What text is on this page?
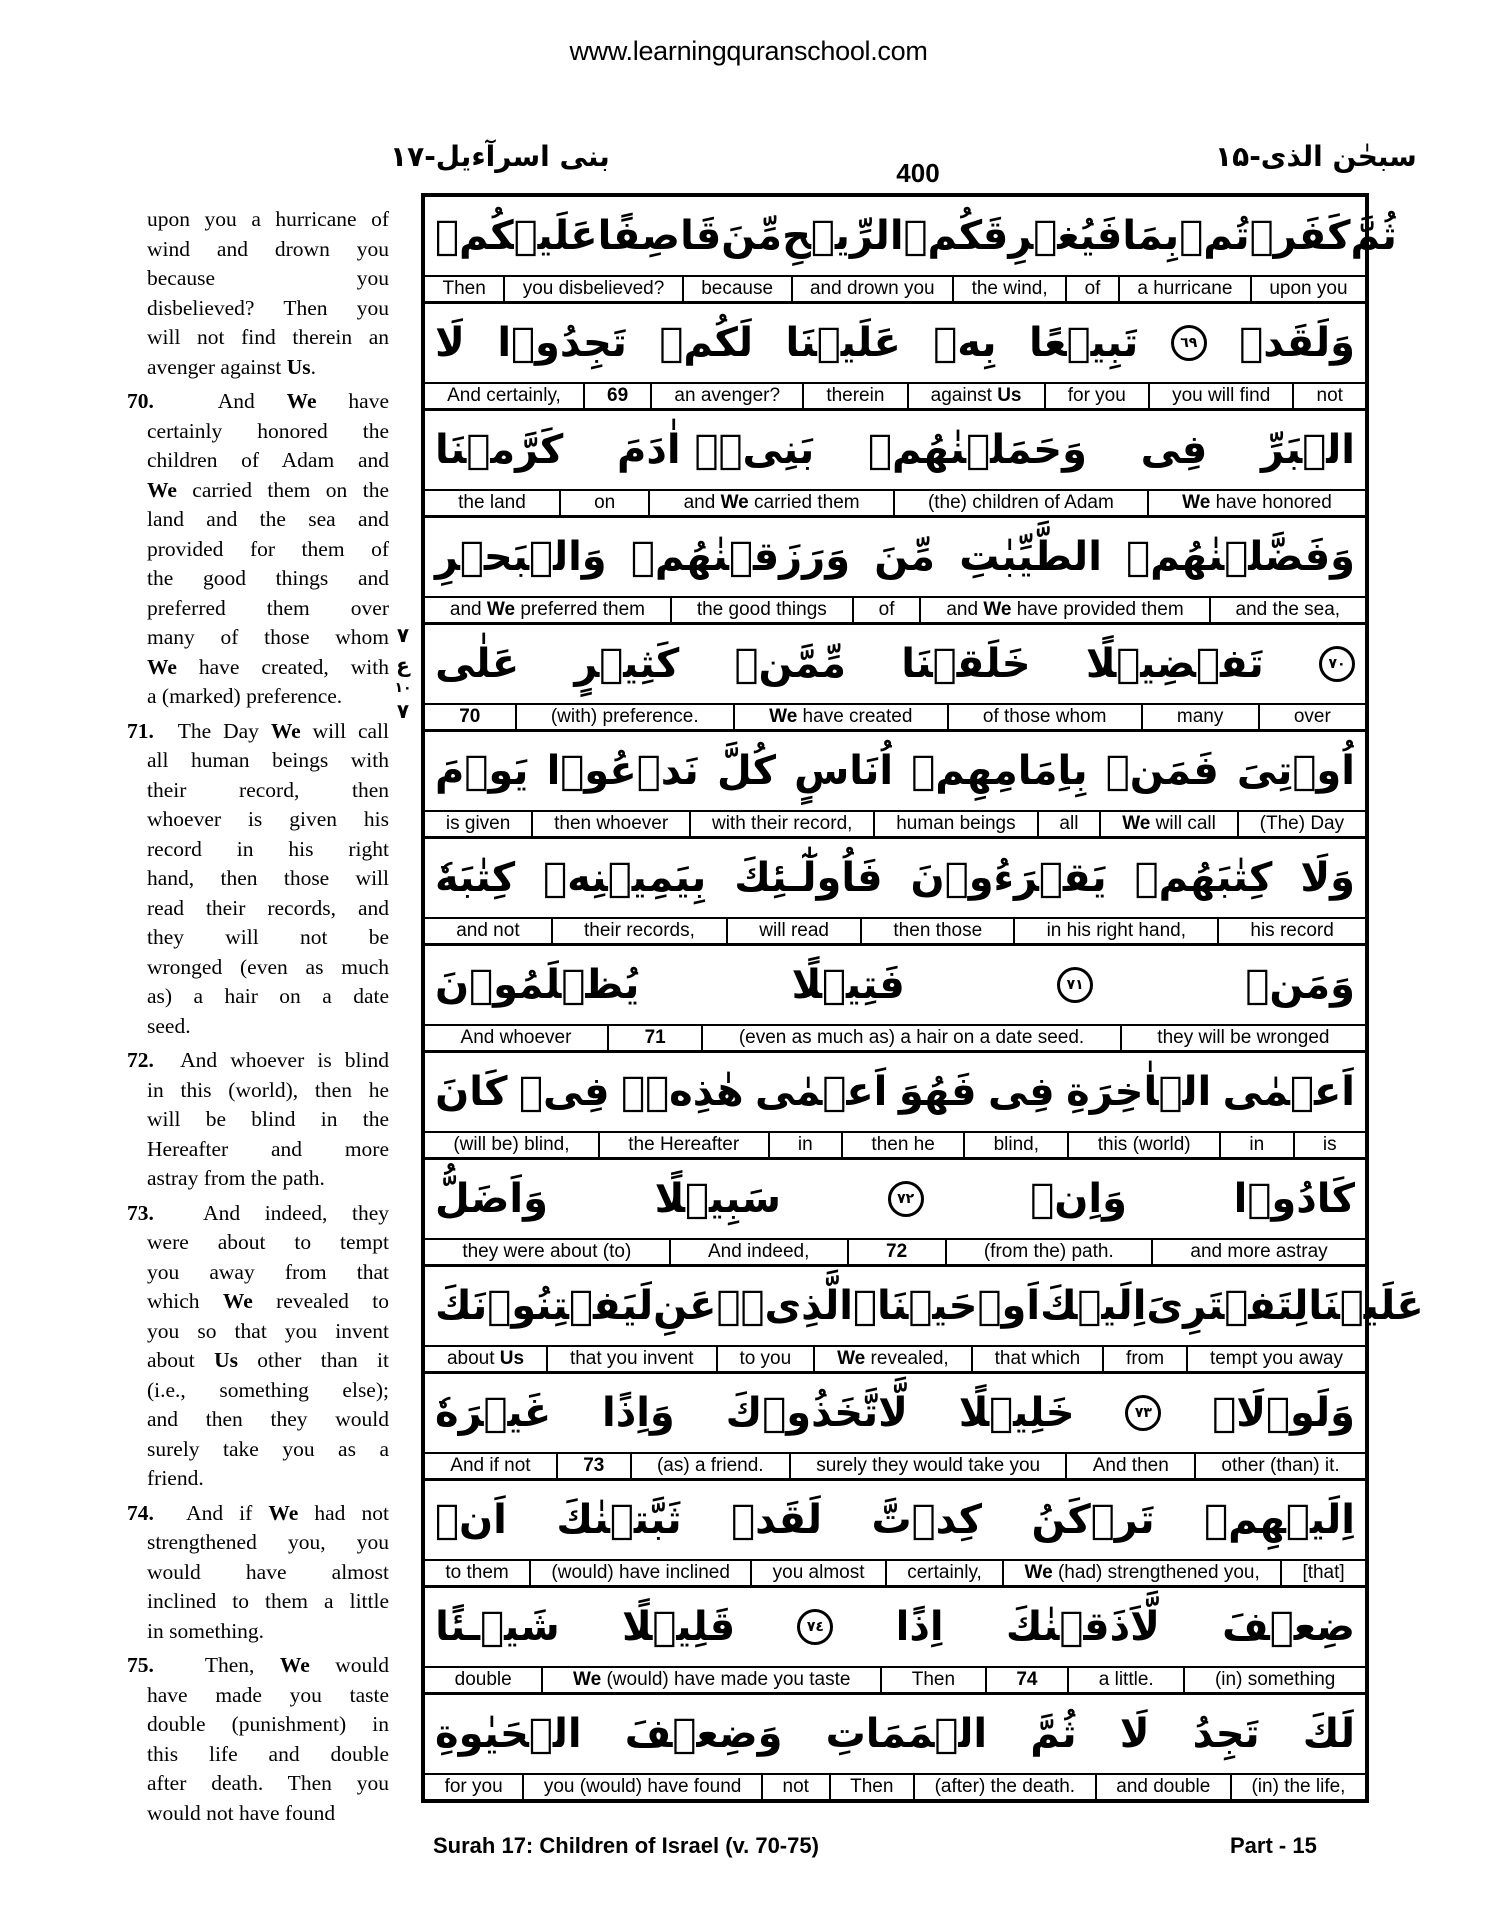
www.learningquranschool.com
بنی اسرآءیل-۱۷	400	سبحٰن الذی-۱۵
upon you a hurricane of
wind and drown you
because you
disbelieved? Then you
will not find therein an
avenger against Us.
70.  And We have
certainly honored the
children of Adam and
We carried them on the
land and the sea and
provided for them of
the good things and
preferred them over
many of those whom
We have created, with
a (marked) preference.
71.  The Day We will call
all human beings with
their record, then
whoever is given his
record in his right
hand, then those will
read their records, and
they will not be
wronged (even as much
as) a hair on a date
seed.
72.  And whoever is blind
in this (world), then he
will be blind in the
Hereafter and more
astray from the path.
73.  And indeed, they
were about to tempt
you away from that
which We revealed to
you so that you invent
about Us other than it
(i.e., something else);
and then they would
surely take you as a
friend.
74.  And if We had not
strengthened you, you
would have almost
inclined to them a little
in something.
75.  Then, We would
have made you taste
double (punishment) in
this life and double
after death. Then you
would not have found
۷
ع
۱۰
۷
عَلَيۡكُمۡ قَاصِفًا مِّنَ الرِّيۡحِ فَيُغۡرِقَكُمۡ بِمَا كَفَرۡتُمۡ ثُمَّ
Then	you disbelieved?	because	and drown you	the wind,	of	a hurricane	upon you
لَا تَجِدُوۡا لَكُمۡ عَلَيۡنَا بِهٖ تَبِيۡعًا	٦٩ وَلَقَدۡ
And certainly,	69	an avenger?	therein	against Us	for you	you will find	not
كَرَّمۡنَا بَنِىۡۤ اٰدَمَ وَحَمَلۡنٰهُمۡ فِى الۡبَرِّ
the land	on	and We carried them	(the) children of Adam	We have honored
وَالۡبَحۡرِ وَرَزَقۡنٰهُمۡ مِّنَ الطَّيِّبٰتِ وَفَضَّلۡنٰهُمۡ
and We preferred them	the good things	of	and We have provided them	and the sea,
عَلٰى كَثِيۡرٍ مِّمَّنۡ خَلَقۡنَا تَفۡضِيۡلًا	٧٠
70	(with) preference.	We have created	of those whom	many	over
يَوۡمَ نَدۡعُوۡا كُلَّ اُنَاسٍ بِاِمَامِهِمۡ فَمَنۡ اُوۡتِىَ
is given	then whoever	with their record,	human beings	all	We will call	(The) Day
كِتٰبَهٗ بِيَمِيۡنِهٖ فَاُولٰٓـئِكَ يَقۡرَءُوۡنَ كِتٰبَهُمۡ وَلَا
and not	their records,	will read	then those	in his right hand,	his record
يُظۡلَمُوۡنَ	فَتِيۡلًا	٧١	وَمَنۡ
And whoever	71	(even as much as) a hair on a date seed.	they will be wronged
كَانَ فِىۡ هٰذِهٖۤ اَعۡمٰى فَهُوَ فِى الۡاٰخِرَةِ اَعۡمٰى
(will be) blind,	the Hereafter	in	then he	blind,	this (world)	in	is
وَاَضَلُّ	سَبِيۡلًا	٧٢	وَاِنۡ	كَادُوۡا
they were about (to)	And indeed,	72	(from the) path.	and more astray
لَيَفۡتِنُوۡنَكَ عَنِ الَّذِىۡۤ اَوۡحَيۡنَاۤ اِلَيۡكَ لِتَفۡتَرِىَ عَلَيۡنَا
about Us	that you invent	to you	We revealed,	that which	from	tempt you away
غَيۡرَهٗ وَاِذًا لَّاتَّخَذُوۡكَ خَلِيۡلًا	٧٣ وَلَوۡلَاۤ
And if not	73	(as) a friend.	surely they would take you	And then	other (than) it.
اَنۡ ثَبَّتۡنٰكَ لَقَدۡ كِدۡتَّ تَرۡكَنُ اِلَيۡهِمۡ
to them	(would) have inclined	you almost	certainly,	We (had) strengthened you,	[that]
شَيۡـئًا قَلِيۡلًا	٧٤ اِذًا لَّاَذَقۡنٰكَ ضِعۡفَ
double	We (would) have made you taste	Then	74	a little.	(in) something
الۡحَيٰوةِ وَضِعۡفَ الۡمَمَاتِ ثُمَّ لَا تَجِدُ لَكَ
for you	you (would) have found	not	Then	(after) the death.	and double	(in) the life,
Surah 17: Children of Israel (v. 70-75)	Part - 15
